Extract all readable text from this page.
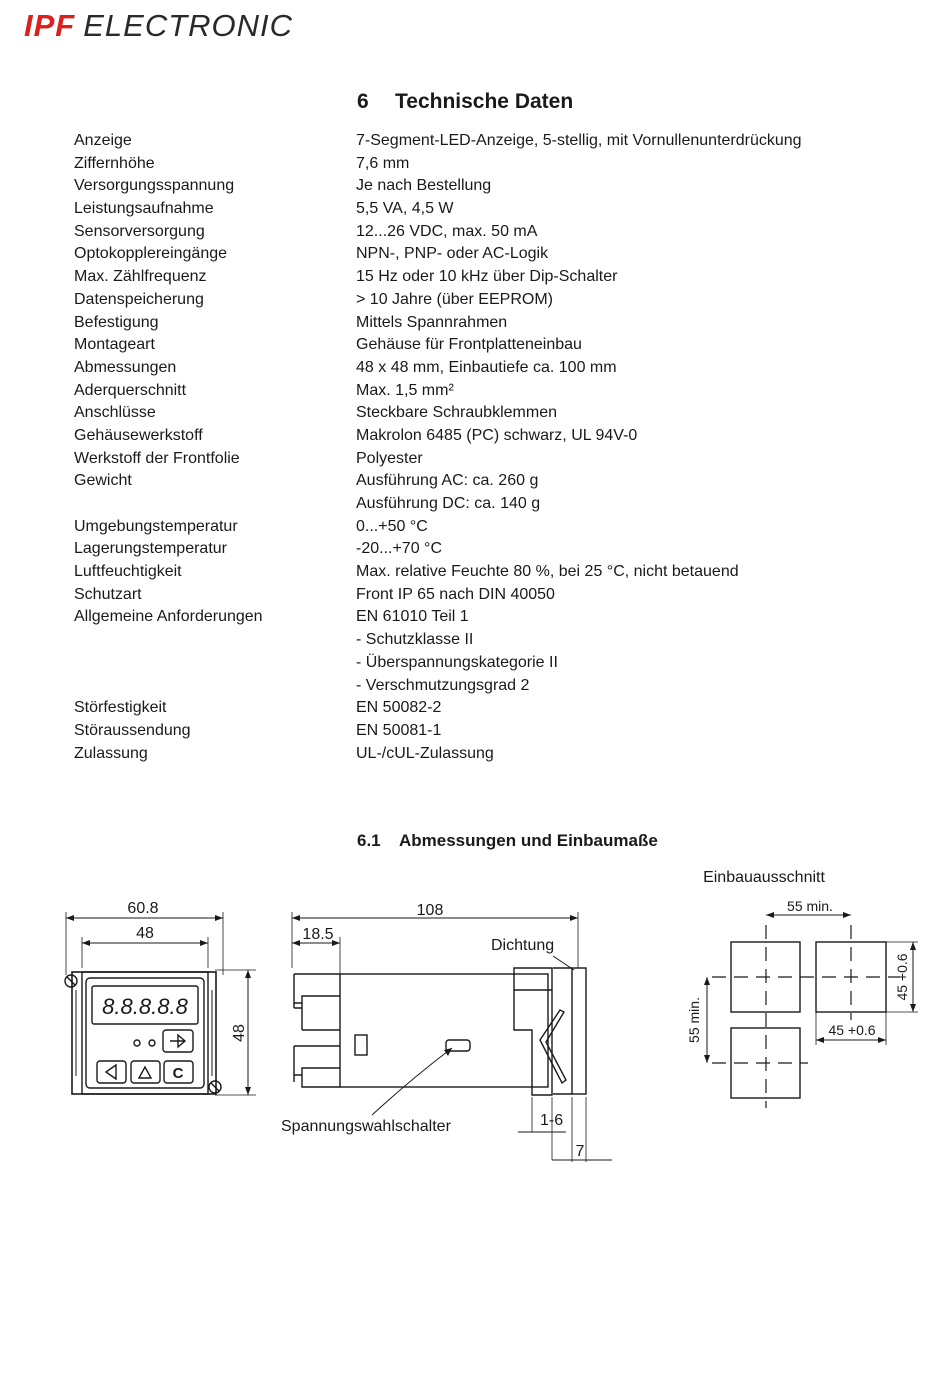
IPF ELECTRONIC
6 Technische Daten
Anzeige	7-Segment-LED-Anzeige, 5-stellig, mit Vornullenunterdrückung
Ziffernhöhe	7,6 mm
Versorgungsspannung	Je nach Bestellung
Leistungsaufnahme	5,5 VA, 4,5 W
Sensorversorgung	12...26 VDC, max. 50 mA
Optokopplereingänge	NPN-, PNP- oder AC-Logik
Max. Zählfrequenz	15 Hz oder 10 kHz über Dip-Schalter
Datenspeicherung	> 10 Jahre (über EEPROM)
Befestigung	Mittels Spannrahmen
Montageart	Gehäuse für Frontplatteneinbau
Abmessungen	48 x 48 mm, Einbautiefe ca. 100 mm
Aderquerschnitt	Max. 1,5 mm²
Anschlüsse	Steckbare Schraubklemmen
Gehäusewerkstoff	Makrolon 6485 (PC) schwarz, UL 94V-0
Werkstoff der Frontfolie	Polyester
Gewicht	Ausführung AC: ca. 260 g
Ausführung DC: ca. 140 g
Umgebungstemperatur	0...+50 °C
Lagerungstemperatur	-20...+70 °C
Luftfeuchtigkeit	Max. relative Feuchte 80 %, bei 25 °C, nicht betauend
Schutzart	Front IP 65 nach DIN 40050
Allgemeine Anforderungen	EN 61010 Teil 1
- Schutzklasse II
- Überspannungskategorie II
- Verschmutzungsgrad 2
Störfestigkeit	EN 50082-2
Störaussendung	EN 50081-1
Zulassung	UL-/cUL-Zulassung
6.1 Abmessungen und Einbaumaße
60.8
48
48
8.8.8.8.8
C
108
18.5
Dichtung
Spannungswahlschalter	1-6
7
Einbauausschnitt
55 min.
55 min.	45 +0.6
45 +0.6
